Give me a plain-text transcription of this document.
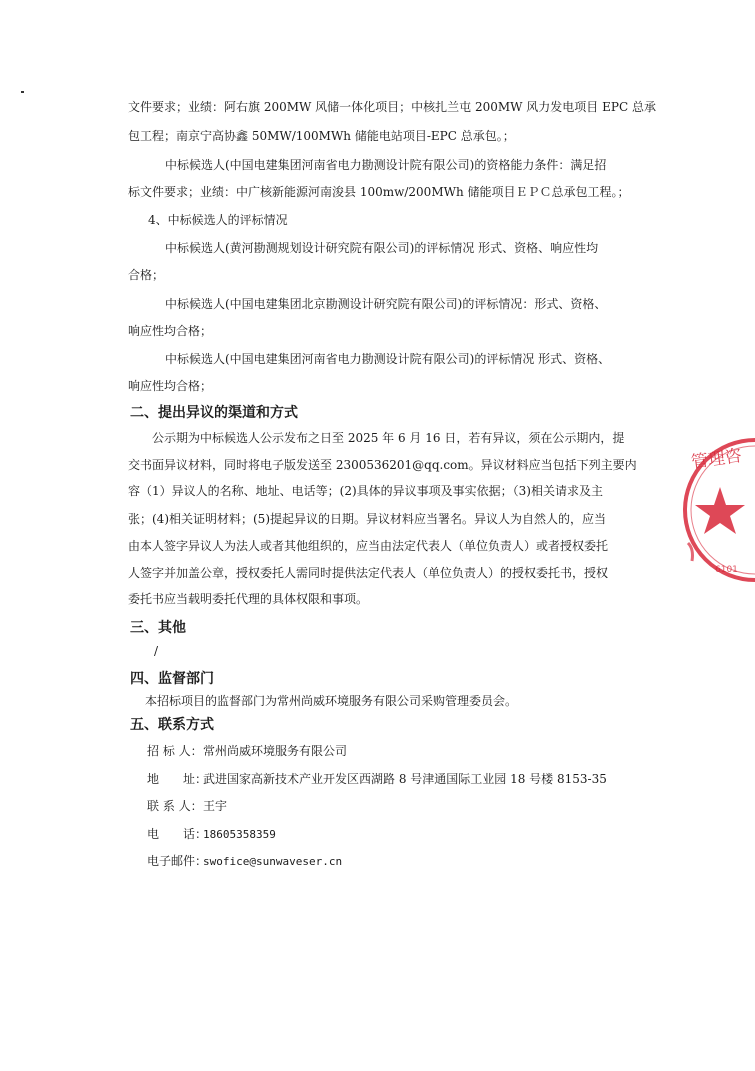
文件要求；业绩：阿右旗 200MW 风储一体化项目；中核扎兰屯 200MW 风力发电项目 EPC 总承
包工程；南京宁高协鑫 50MW/100MWh 储能电站项目-EPC 总承包。；
中标候选人(中国电建集团河南省电力勘测设计院有限公司)的资格能力条件：满足招
标文件要求；业绩：中广核新能源河南浚县 100mw/200MWh 储能项目ＥＰＣ总承包工程。；
4、中标候选人的评标情况
中标候选人(黄河勘测规划设计研究院有限公司)的评标情况 形式、资格、响应性均
合格；
中标候选人(中国电建集团北京勘测设计研究院有限公司)的评标情况：形式、资格、
响应性均合格；
中标候选人(中国电建集团河南省电力勘测设计院有限公司)的评标情况 形式、资格、
响应性均合格；
二、提出异议的渠道和方式
公示期为中标候选人公示发布之日至 2025 年 6 月 16 日，若有异议，须在公示期内，提
交书面异议材料，同时将电子版发送至 2300536201@qq.com。异议材料应当包括下列主要内
容（1）异议人的名称、地址、电话等；(2)具体的异议事项及事实依据；（3)相关请求及主
张；(4)相关证明材料；(5)提起异议的日期。异议材料应当署名。异议人为自然人的，应当
由本人签字异议人为法人或者其他组织的，应当由法定代表人（单位负责人）或者授权委托
人签字并加盖公章，授权委托人需同时提供法定代表人（单位负责人）的授权委托书，授权
委托书应当载明委托代理的具体权限和事项。
三、其他
/
四、监督部门
本招标项目的监督部门为常州尚威环境服务有限公司采购管理委员会。
五、联系方式
招 标 人：常州尚威环境服务有限公司
地　　址：武进国家高新技术产业开发区西湖路 8 号津通国际工业园 18 号楼 8153-35
联 系 人：王宇
电　　话：18605358359
电子邮件：swofice@sunwaveser.cn
管理咨
6101
